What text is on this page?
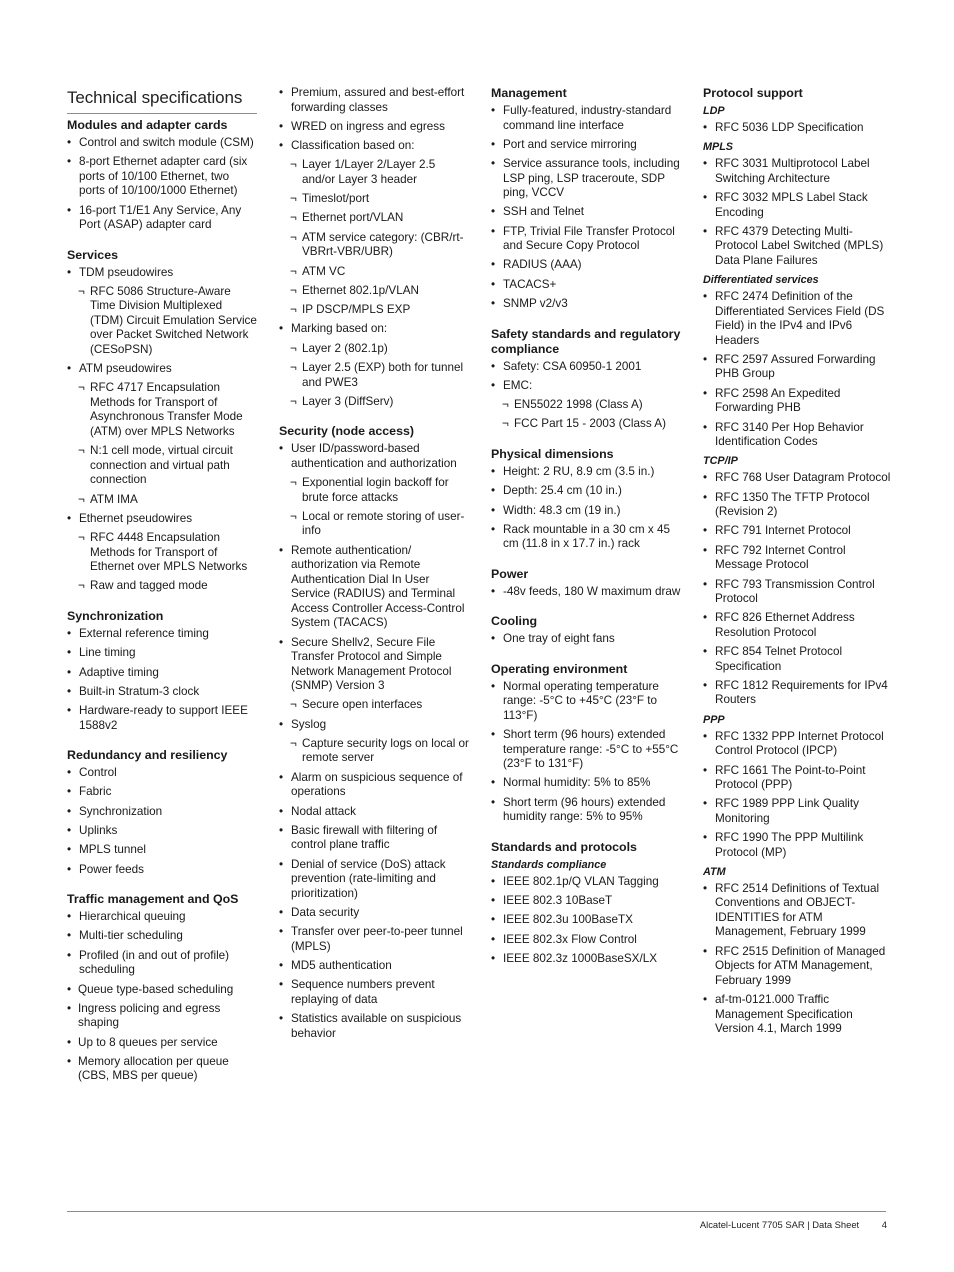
Technical specifications
Modules and adapter cards
• Control and switch module (CSM)
• 8-port Ethernet adapter card (six ports of 10/100 Ethernet, two ports of 10/100/1000 Ethernet)
• 16-port T1/E1 Any Service, Any Port (ASAP) adapter card
Services
• TDM pseudowires
¬ RFC 5086 Structure-Aware Time Division Multiplexed (TDM) Circuit Emulation Service over Packet Switched Network (CESoPSN)
• ATM pseudowires
¬ RFC 4717 Encapsulation Methods for Transport of Asynchronous Transfer Mode (ATM) over MPLS Networks
¬ N:1 cell mode, virtual circuit connection and virtual path connection
¬ ATM IMA
• Ethernet pseudowires
¬ RFC 4448 Encapsulation Methods for Transport of Ethernet over MPLS Networks
¬ Raw and tagged mode
Synchronization
• External reference timing
• Line timing
• Adaptive timing
• Built-in Stratum-3 clock
• Hardware-ready to support IEEE 1588v2
Redundancy and resiliency
• Control
• Fabric
• Synchronization
• Uplinks
• MPLS tunnel
• Power feeds
Traffic management and QoS
• Hierarchical queuing
• Multi-tier scheduling
• Profiled (in and out of profile) scheduling
• Queue type-based scheduling
• Ingress policing and egress shaping
• Up to 8 queues per service
• Memory allocation per queue (CBS, MBS per queue)
• Premium, assured and best-effort forwarding classes
• WRED on ingress and egress
• Classification based on:
¬ Layer 1/Layer 2/Layer 2.5 and/or Layer 3 header
¬ Timeslot/port
¬ Ethernet port/VLAN
¬ ATM service category: (CBR/rt-VBRrt-VBR/UBR)
¬ ATM VC
¬ Ethernet 802.1p/VLAN
¬ IP DSCP/MPLS EXP
• Marking based on:
¬ Layer 2 (802.1p)
¬ Layer 2.5 (EXP) both for tunnel and PWE3
¬ Layer 3 (DiffServ)
Security (node access)
• User ID/password-based authentication and authorization
¬ Exponential login backoff for brute force attacks
¬ Local or remote storing of user-info
• Remote authentication/ authorization via Remote Authentication Dial In User Service (RADIUS) and Terminal Access Controller Access-Control System (TACACS)
• Secure Shellv2, Secure File Transfer Protocol and Simple Network Management Protocol (SNMP) Version 3
¬ Secure open interfaces
• Syslog
¬ Capture security logs on local or remote server
• Alarm on suspicious sequence of operations
• Nodal attack
• Basic firewall with filtering of control plane traffic
• Denial of service (DoS) attack prevention (rate-limiting and prioritization)
• Data security
• Transfer over peer-to-peer tunnel (MPLS)
• MD5 authentication
• Sequence numbers prevent replaying of data
• Statistics available on suspicious behavior
Management
• Fully-featured, industry-standard command line interface
• Port and service mirroring
• Service assurance tools, including LSP ping, LSP traceroute, SDP ping, VCCV
• SSH and Telnet
• FTP, Trivial File Transfer Protocol and Secure Copy Protocol
• RADIUS (AAA)
• TACACS+
• SNMP v2/v3
Safety standards and regulatory compliance
• Safety: CSA 60950-1 2001
• EMC:
¬ EN55022 1998 (Class A)
¬ FCC Part 15 - 2003 (Class A)
Physical dimensions
• Height: 2 RU, 8.9 cm (3.5 in.)
• Depth: 25.4 cm (10 in.)
• Width: 48.3 cm (19 in.)
• Rack mountable in a 30 cm x 45 cm (11.8 in x 17.7 in.) rack
Power
• -48v feeds, 180 W maximum draw
Cooling
• One tray of eight fans
Operating environment
• Normal operating temperature range: -5°C to +45°C (23°F to 113°F)
• Short term (96 hours) extended temperature range: -5°C to +55°C (23°F to 131°F)
• Normal humidity: 5% to 85%
• Short term (96 hours) extended humidity range: 5% to 95%
Standards and protocols
Standards compliance
• IEEE 802.1p/Q VLAN Tagging
• IEEE 802.3 10BaseT
• IEEE 802.3u 100BaseTX
• IEEE 802.3x Flow Control
• IEEE 802.3z 1000BaseSX/LX
Protocol support
LDP
• RFC 5036 LDP Specification
MPLS
• RFC 3031 Multiprotocol Label Switching Architecture
• RFC 3032 MPLS Label Stack Encoding
• RFC 4379 Detecting Multi-Protocol Label Switched (MPLS) Data Plane Failures
Differentiated services
• RFC 2474 Definition of the Differentiated Services Field (DS Field) in the IPv4 and IPv6 Headers
• RFC 2597 Assured Forwarding PHB Group
• RFC 2598 An Expedited Forwarding PHB
• RFC 3140 Per Hop Behavior Identification Codes
TCP/IP
• RFC 768 User Datagram Protocol
• RFC 1350 The TFTP Protocol (Revision 2)
• RFC 791 Internet Protocol
• RFC 792 Internet Control Message Protocol
• RFC 793 Transmission Control Protocol
• RFC 826 Ethernet Address Resolution Protocol
• RFC 854 Telnet Protocol Specification
• RFC 1812 Requirements for IPv4 Routers
PPP
• RFC 1332 PPP Internet Protocol Control Protocol (IPCP)
• RFC 1661 The Point-to-Point Protocol (PPP)
• RFC 1989 PPP Link Quality Monitoring
• RFC 1990 The PPP Multilink Protocol (MP)
ATM
• RFC 2514 Definitions of Textual Conventions and OBJECT-IDENTITIES for ATM Management, February 1999
• RFC 2515 Definition of Managed Objects for ATM Management, February 1999
• af-tm-0121.000 Traffic Management Specification Version 4.1, March 1999
Alcatel-Lucent 7705 SAR | Data Sheet 4
